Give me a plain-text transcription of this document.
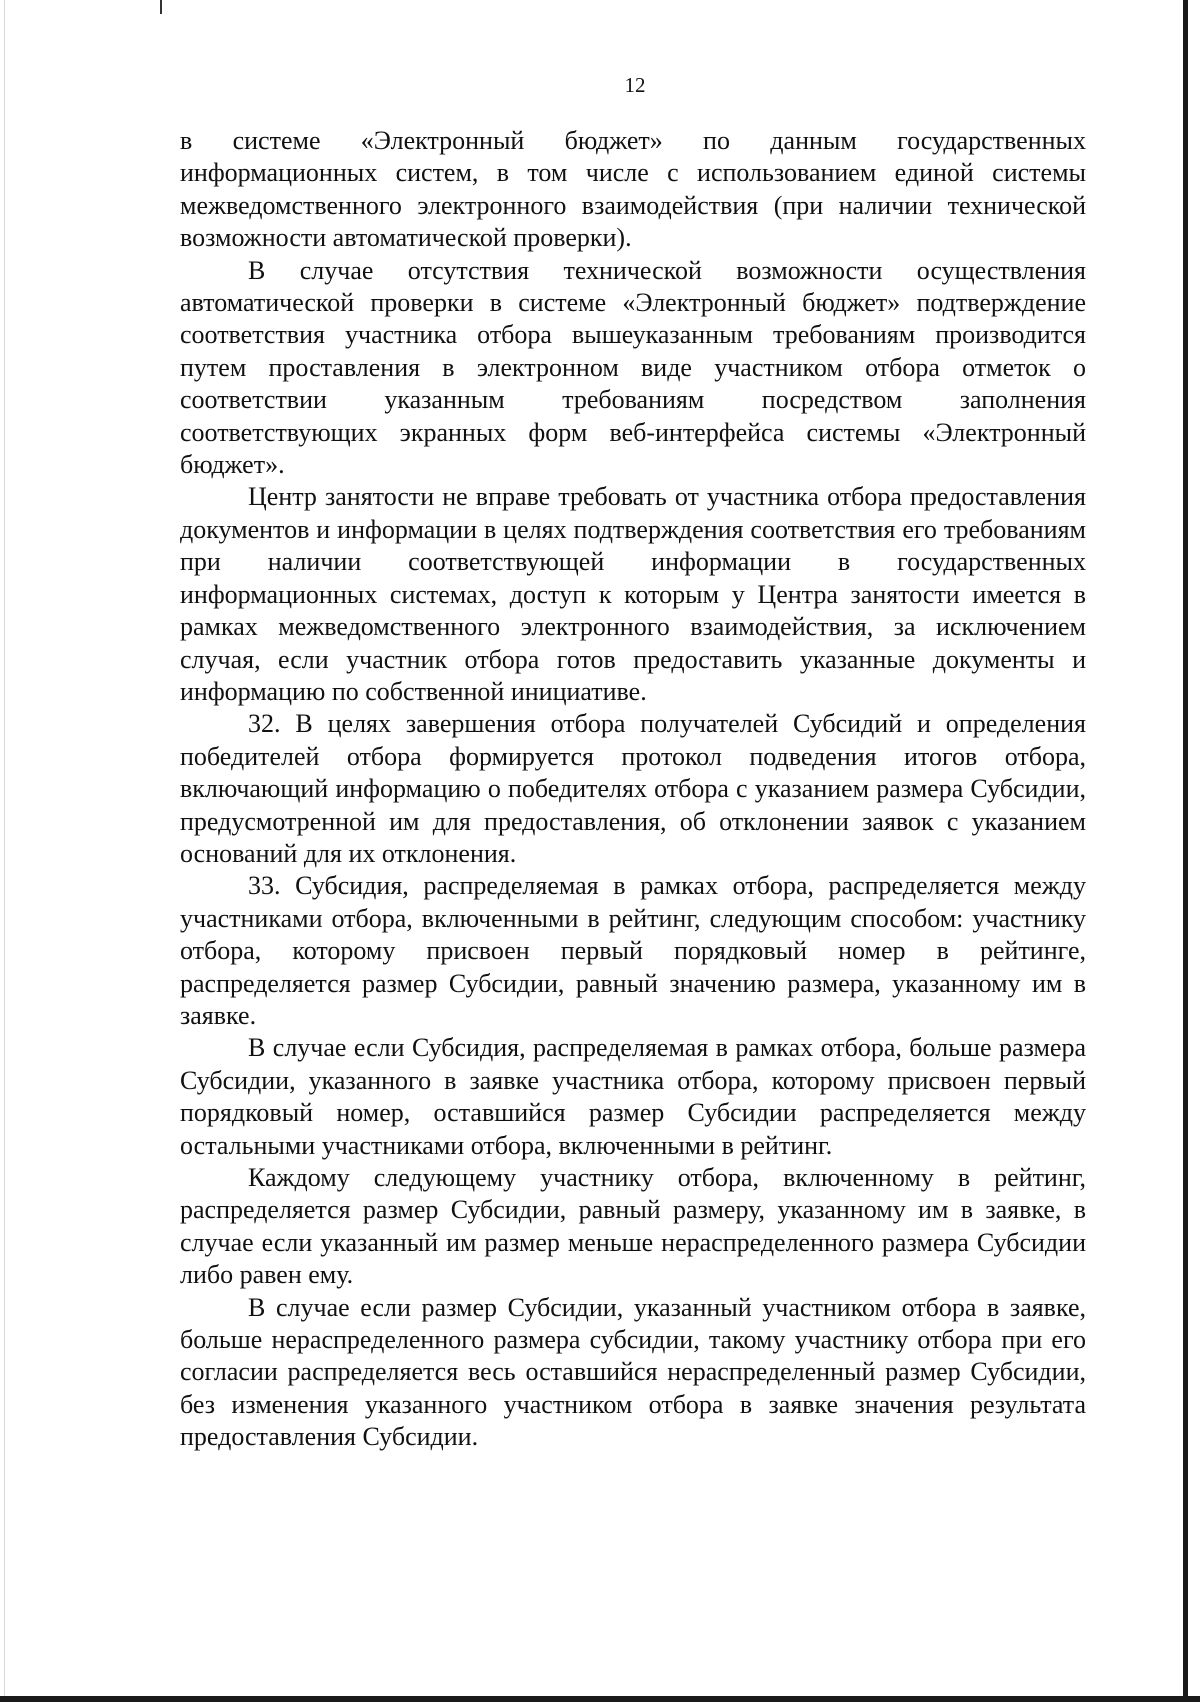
12

в системе «Электронный бюджет» по данным государственных информационных систем, в том числе с использованием единой системы межведомственного электронного взаимодействия (при наличии технической возможности автоматической проверки).

В случае отсутствия технической возможности осуществления автоматической проверки в системе «Электронный бюджет» подтверждение соответствия участника отбора вышеуказанным требованиям производится путем проставления в электронном виде участником отбора отметок о соответствии указанным требованиям посредством заполнения соответствующих экранных форм веб-интерфейса системы «Электронный бюджет».

Центр занятости не вправе требовать от участника отбора предоставления документов и информации в целях подтверждения соответствия его требованиям при наличии соответствующей информации в государственных информационных системах, доступ к которым у Центра занятости имеется в рамках межведомственного электронного взаимодействия, за исключением случая, если участник отбора готов предоставить указанные документы и информацию по собственной инициативе.

32. В целях завершения отбора получателей Субсидий и определения победителей отбора формируется протокол подведения итогов отбора, включающий информацию о победителях отбора с указанием размера Субсидии, предусмотренной им для предоставления, об отклонении заявок с указанием оснований для их отклонения.

33. Субсидия, распределяемая в рамках отбора, распределяется между участниками отбора, включенными в рейтинг, следующим способом: участнику отбора, которому присвоен первый порядковый номер в рейтинге, распределяется размер Субсидии, равный значению размера, указанному им в заявке.

В случае если Субсидия, распределяемая в рамках отбора, больше размера Субсидии, указанного в заявке участника отбора, которому присвоен первый порядковый номер, оставшийся размер Субсидии распределяется между остальными участниками отбора, включенными в рейтинг.

Каждому следующему участнику отбора, включенному в рейтинг, распределяется размер Субсидии, равный размеру, указанному им в заявке, в случае если указанный им размер меньше нераспределенного размера Субсидии либо равен ему.

В случае если размер Субсидии, указанный участником отбора в заявке, больше нераспределенного размера субсидии, такому участнику отбора при его согласии распределяется весь оставшийся нераспределенный размер Субсидии, без изменения указанного участником отбора в заявке значения результата предоставления Субсидии.
